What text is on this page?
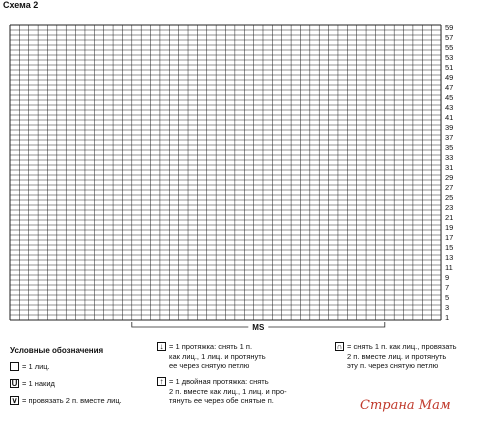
Схема 2
59
57
55
53
51
49
47
45
43
41
39
37
35
33
31
29
27
25
23
21
19
17
15
13
11
9
7
5
3
1
MS
Условные обозначения
= 1 лиц.
U = 1 накид
∨ = провязать 2 п. вместе лиц.
↓ = 1 протяжка: снять 1 п.
как лиц., 1 лиц. и протянуть
ее через снятую петлю
↑ = 1 двойная протяжка: снять
2 п. вместе как лиц., 1 лиц. и про-
тянуть ее через обе снятые п.
∩ = снять 1 п. как лиц., провязать
2 п. вместе лиц. и протянуть
эту п. через снятую петлю
Страна Мам
